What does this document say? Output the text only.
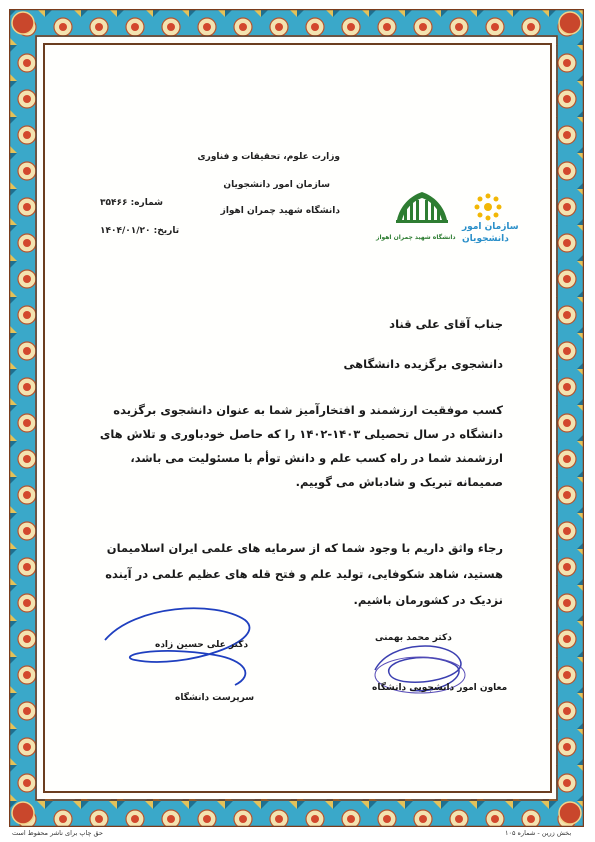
وزارت علوم، تحقیقات و فناوری
سازمان امور دانشجویان
دانشگاه شهید چمران اهواز
شماره: ۳۵۴۶۶
تاریخ: ۱۴۰۴/۰۱/۲۰
دانشگاه شهید چمران اهواز
سازمان امور
دانشجویان
جناب آقای علی قناد
دانشجوی برگزیده دانشگاهی
کسب موفقیت ارزشمند و افتخارآمیز شما به عنوان دانشجوی برگزیده دانشگاه در سال تحصیلی ۱۴۰۳-۱۴۰۲ را که حاصل خودباوری و تلاش های ارزشمند شما در راه کسب علم و دانش توأم با مسئولیت می باشد، صمیمانه تبریک و شادباش می گوییم.
رجاء واثق داریم با وجود شما که از سرمایه های علمی ایران اسلامیمان هستید، شاهد شکوفایی، تولید علم و فتح قله های عظیم علمی در آینده نزدیک در کشورمان باشیم.
دکتر علی حسین زاده
سرپرست دانشگاه
دکتر محمد بهمنی
معاون امور دانشجویی دانشگاه
حق چاپ برای ناشر محفوظ است	بخش زرین - شماره ۱۰۵
